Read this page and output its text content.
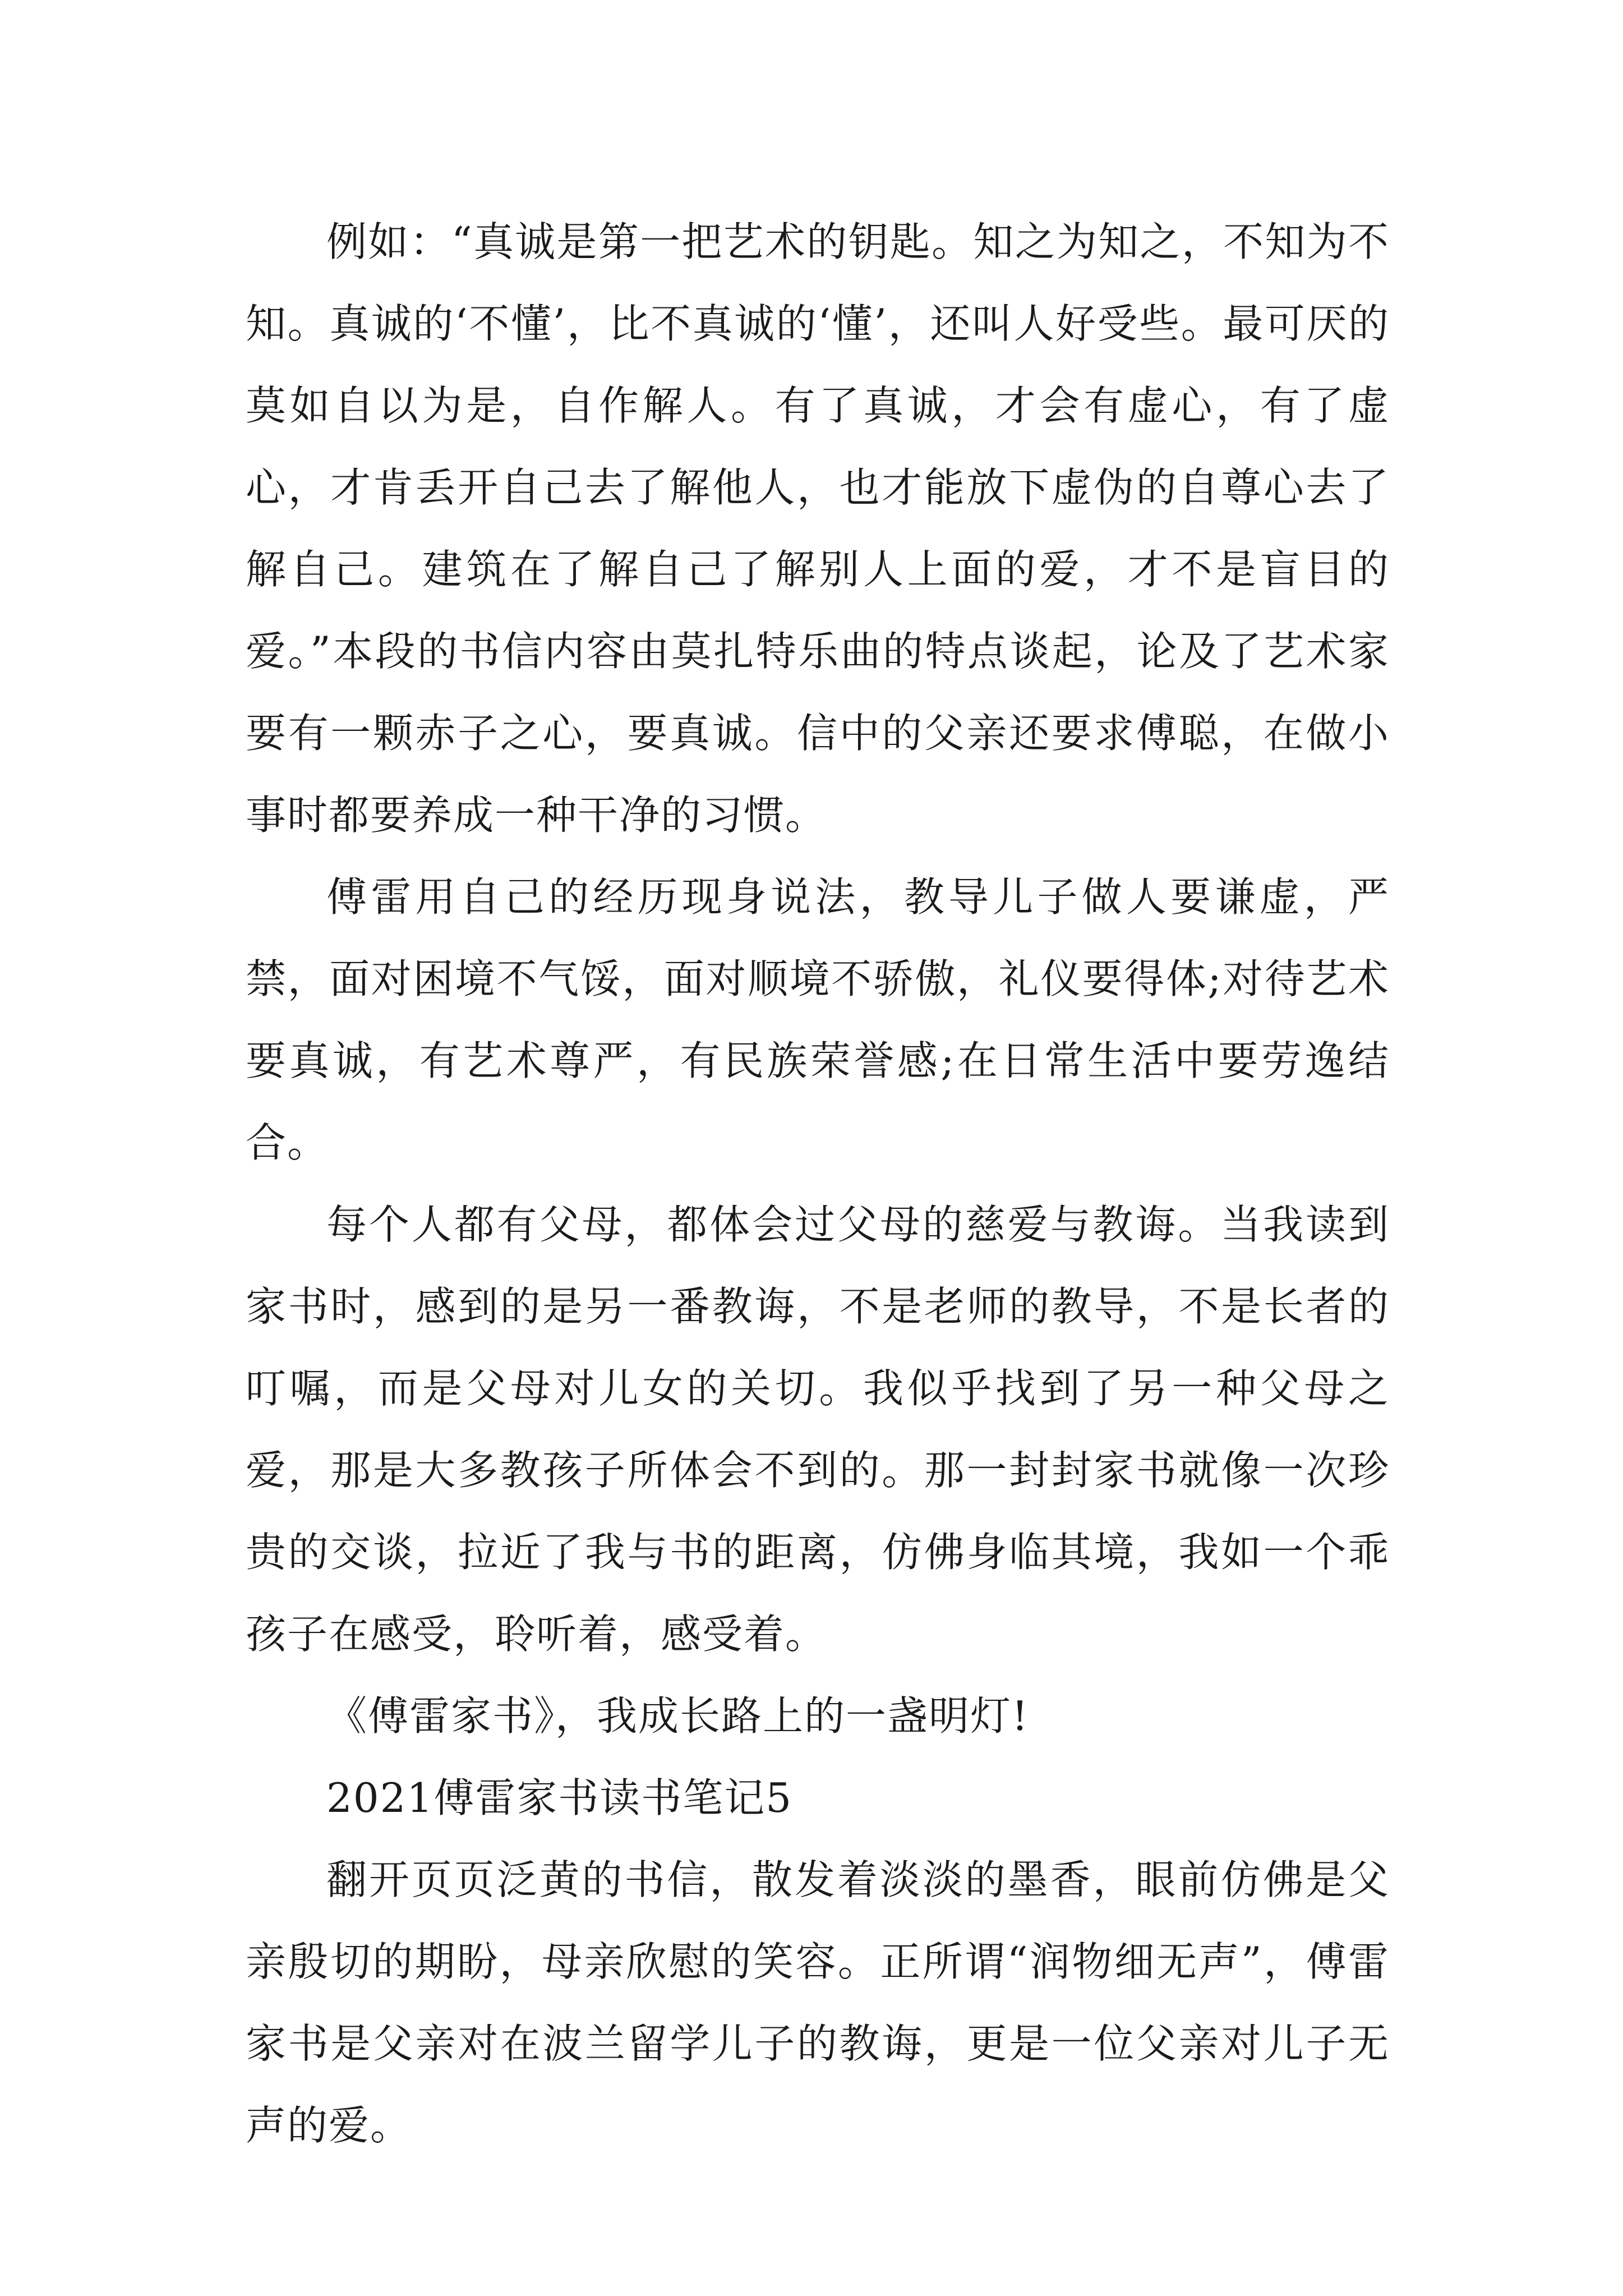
例如：“真诚是第一把艺术的钥匙。知之为知之，不知为不知。真诚的‘不懂’，比不真诚的‘懂’，还叫人好受些。最可厌的莫如自以为是，自作解人。有了真诚，才会有虚心，有了虚心，才肯丢开自己去了解他人，也才能放下虚伪的自尊心去了解自己。建筑在了解自己了解别人上面的爱，才不是盲目的爱。”本段的书信内容由莫扎特乐曲的特点谈起，论及了艺术家要有一颗赤子之心，要真诚。信中的父亲还要求傅聪，在做小事时都要养成一种干净的习惯。

傅雷用自己的经历现身说法，教导儿子做人要谦虚，严禁，面对困境不气馁，面对顺境不骄傲，礼仪要得体;对待艺术要真诚，有艺术尊严，有民族荣誉感;在日常生活中要劳逸结合。

每个人都有父母，都体会过父母的慈爱与教诲。当我读到家书时，感到的是另一番教诲，不是老师的教导，不是长者的叮嘱，而是父母对儿女的关切。我似乎找到了另一种父母之爱，那是大多教孩子所体会不到的。那一封封家书就像一次珍贵的交谈，拉近了我与书的距离，仿佛身临其境，我如一个乖孩子在感受，聆听着，感受着。

《傅雷家书》，我成长路上的一盏明灯!

2021傅雷家书读书笔记5

翻开页页泛黄的书信，散发着淡淡的墨香，眼前仿佛是父亲殷切的期盼，母亲欣慰的笑容。正所谓“润物细无声”，傅雷家书是父亲对在波兰留学儿子的教诲，更是一位父亲对儿子无声的爱。
